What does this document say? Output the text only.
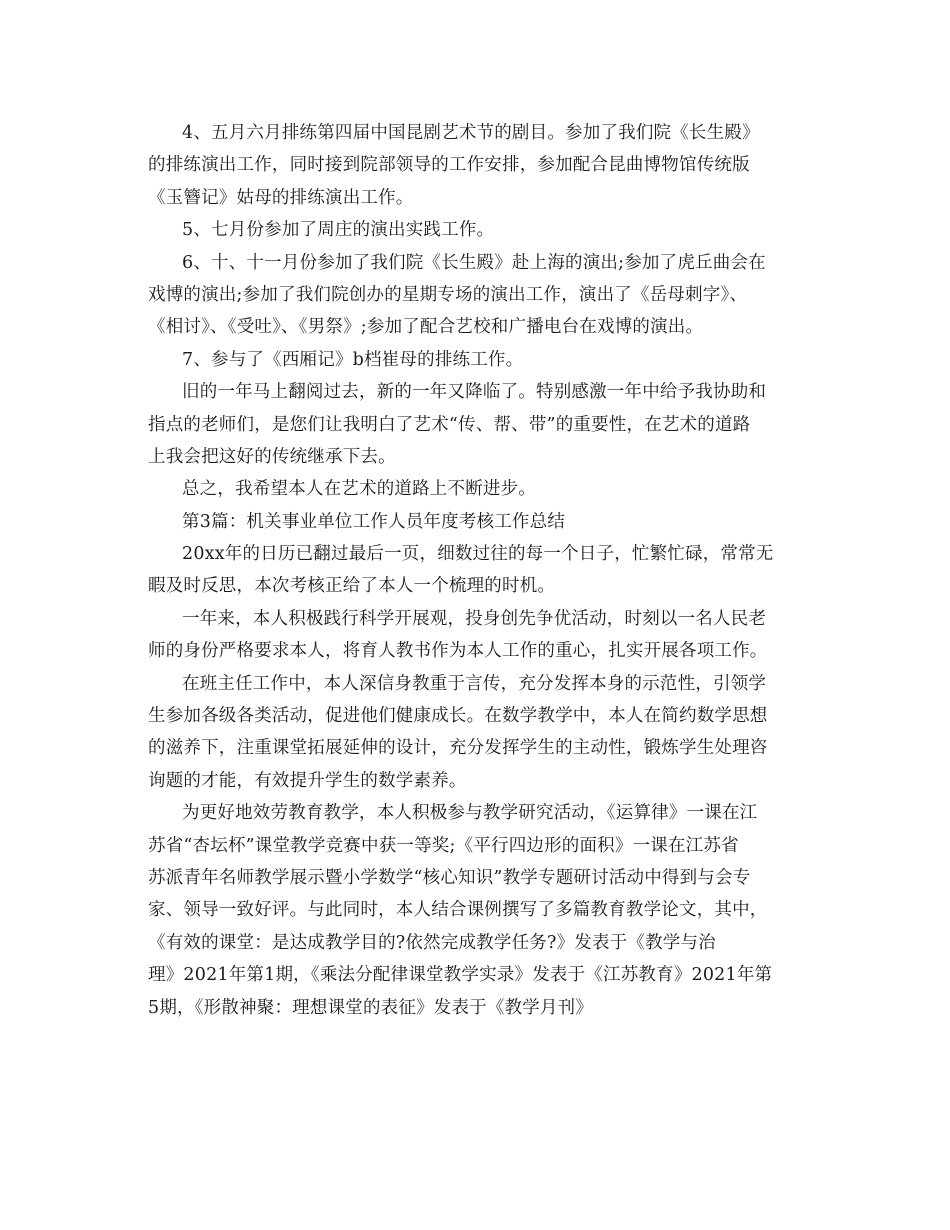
4、五月六月排练第四届中国昆剧艺术节的剧目。参加了我们院《长生殿》
的排练演出工作，同时接到院部领导的工作安排，参加配合昆曲博物馆传统版
《玉簪记》姑母的排练演出工作。
5、七月份参加了周庄的演出实践工作。
6、十、十一月份参加了我们院《长生殿》赴上海的演出;参加了虎丘曲会在
戏博的演出;参加了我们院创办的星期专场的演出工作，演出了《岳母刺字》、
《相讨》、《受吐》、《男祭》;参加了配合艺校和广播电台在戏博的演出。
7、参与了《西厢记》b档崔母的排练工作。
旧的一年马上翻阅过去，新的一年又降临了。特别感激一年中给予我协助和
指点的老师们，是您们让我明白了艺术“传、帮、带”的重要性，在艺术的道路
上我会把这好的传统继承下去。
总之，我希望本人在艺术的道路上不断进步。
第3篇：机关事业单位工作人员年度考核工作总结
20xx年的日历已翻过最后一页，细数过往的每一个日子，忙繁忙碌，常常无
暇及时反思，本次考核正给了本人一个梳理的时机。
一年来，本人积极践行科学开展观，投身创先争优活动，时刻以一名人民老
师的身份严格要求本人，将育人教书作为本人工作的重心，扎实开展各项工作。
在班主任工作中，本人深信身教重于言传，充分发挥本身的示范性，引领学
生参加各级各类活动，促进他们健康成长。在数学教学中，本人在简约数学思想
的滋养下，注重课堂拓展延伸的设计，充分发挥学生的主动性，锻炼学生处理咨
询题的才能，有效提升学生的数学素养。
为更好地效劳教育教学，本人积极参与教学研究活动，《运算律》一课在江
苏省“杏坛杯”课堂教学竞赛中获一等奖;《平行四边形的面积》一课在江苏省
苏派青年名师教学展示暨小学数学“核心知识”教学专题研讨活动中得到与会专
家、领导一致好评。与此同时，本人结合课例撰写了多篇教育教学论文，其中，
《有效的课堂：是达成教学目的?依然完成教学任务?》发表于《教学与治
理》2021年第1期，《乘法分配律课堂教学实录》发表于《江苏教育》2021年第
5期，《形散神聚：理想课堂的表征》发表于《教学月刊》
